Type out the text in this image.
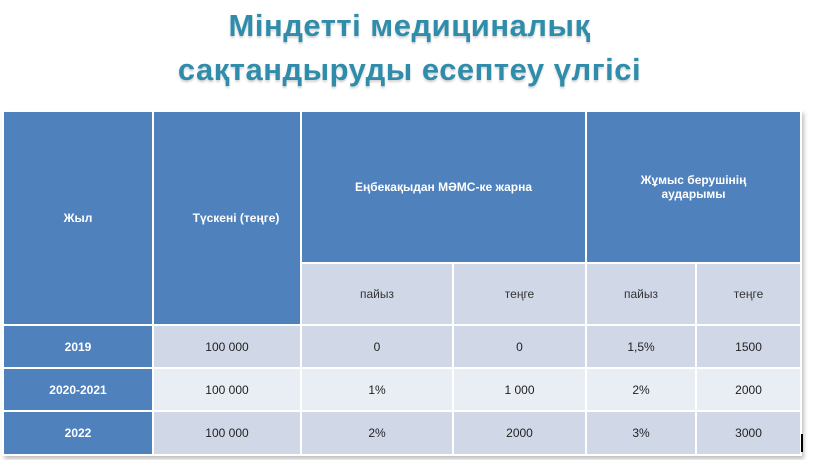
Міндетті медициналық
сақтандыруды есептеу үлгісі
Жыл	Түскені (теңге)	Еңбекақыдан МӘМС-ке жарна		Жұмыс берушінің аударымы	
		пайыз	теңге	пайыз	теңге
2019	100 000	0	0	1,5%	1500
2020-2021	100 000	1%	1 000	2%	2000
2022	100 000	2%	2000	3%	3000
